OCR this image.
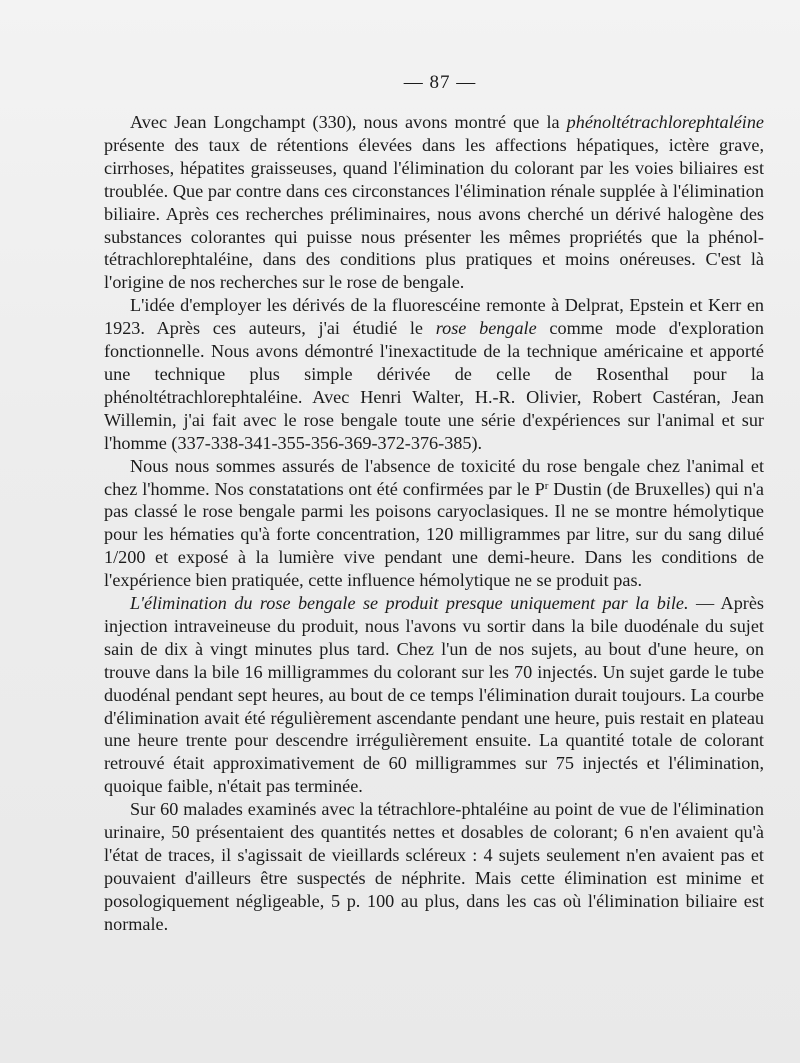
— 87 —

Avec Jean Longchampt (330), nous avons montré que la phénoltétrachlorephtaléine présente des taux de rétentions élevées dans les affections hépatiques, ictère grave, cirrhoses, hépatites graisseuses, quand l'élimination du colorant par les voies biliaires est troublée. Que par contre dans ces circonstances l'élimination rénale supplée à l'élimination biliaire. Après ces recherches préliminaires, nous avons cherché un dérivé halogène des substances colorantes qui puisse nous présenter les mêmes propriétés que la phénol-tétrachlorephtaléine, dans des conditions plus pratiques et moins onéreuses. C'est là l'origine de nos recherches sur le rose de bengale.

L'idée d'employer les dérivés de la fluorescéine remonte à Delprat, Epstein et Kerr en 1923. Après ces auteurs, j'ai étudié le rose bengale comme mode d'exploration fonctionnelle. Nous avons démontré l'inexactitude de la technique américaine et apporté une technique plus simple dérivée de celle de Rosenthal pour la phénoltétrachlorephtaléine. Avec Henri Walter, H.-R. Olivier, Robert Castéran, Jean Willemin, j'ai fait avec le rose bengale toute une série d'expériences sur l'animal et sur l'homme (337-338-341-355-356-369-372-376-385).

Nous nous sommes assurés de l'absence de toxicité du rose bengale chez l'animal et chez l'homme. Nos constatations ont été confirmées par le $P^r$ Dustin (de Bruxelles) qui n'a pas classé le rose bengale parmi les poisons caryoclasiques. Il ne se montre hémolytique pour les hématies qu'à forte concentration, 120 milligrammes par litre, sur du sang dilué 1/200 et exposé à la lumière vive pendant une demi-heure. Dans les conditions de l'expérience bien pratiquée, cette influence hémolytique ne se produit pas.

L'élimination du rose bengale se produit presque uniquement par la bile. — Après injection intraveineuse du produit, nous l'avons vu sortir dans la bile duodénale du sujet sain de dix à vingt minutes plus tard. Chez l'un de nos sujets, au bout d'une heure, on trouve dans la bile 16 milligrammes du colorant sur les 70 injectés. Un sujet garde le tube duodénal pendant sept heures, au bout de ce temps l'élimination durait toujours. La courbe d'élimination avait été régulièrement ascendante pendant une heure, puis restait en plateau une heure trente pour descendre irrégulièrement ensuite. La quantité totale de colorant retrouvé était approximativement de 60 milligrammes sur 75 injectés et l'élimination, quoique faible, n'était pas terminée.

Sur 60 malades examinés avec la tétrachlore-phtaléine au point de vue de l'élimination urinaire, 50 présentaient des quantités nettes et dosables de colorant; 6 n'en avaient qu'à l'état de traces, il s'agissait de vieillards scléreux : 4 sujets seulement n'en avaient pas et pouvaient d'ailleurs être suspectés de néphrite. Mais cette élimination est minime et posologiquement négligeable, 5 p. 100 au plus, dans les cas où l'élimination biliaire est normale.
